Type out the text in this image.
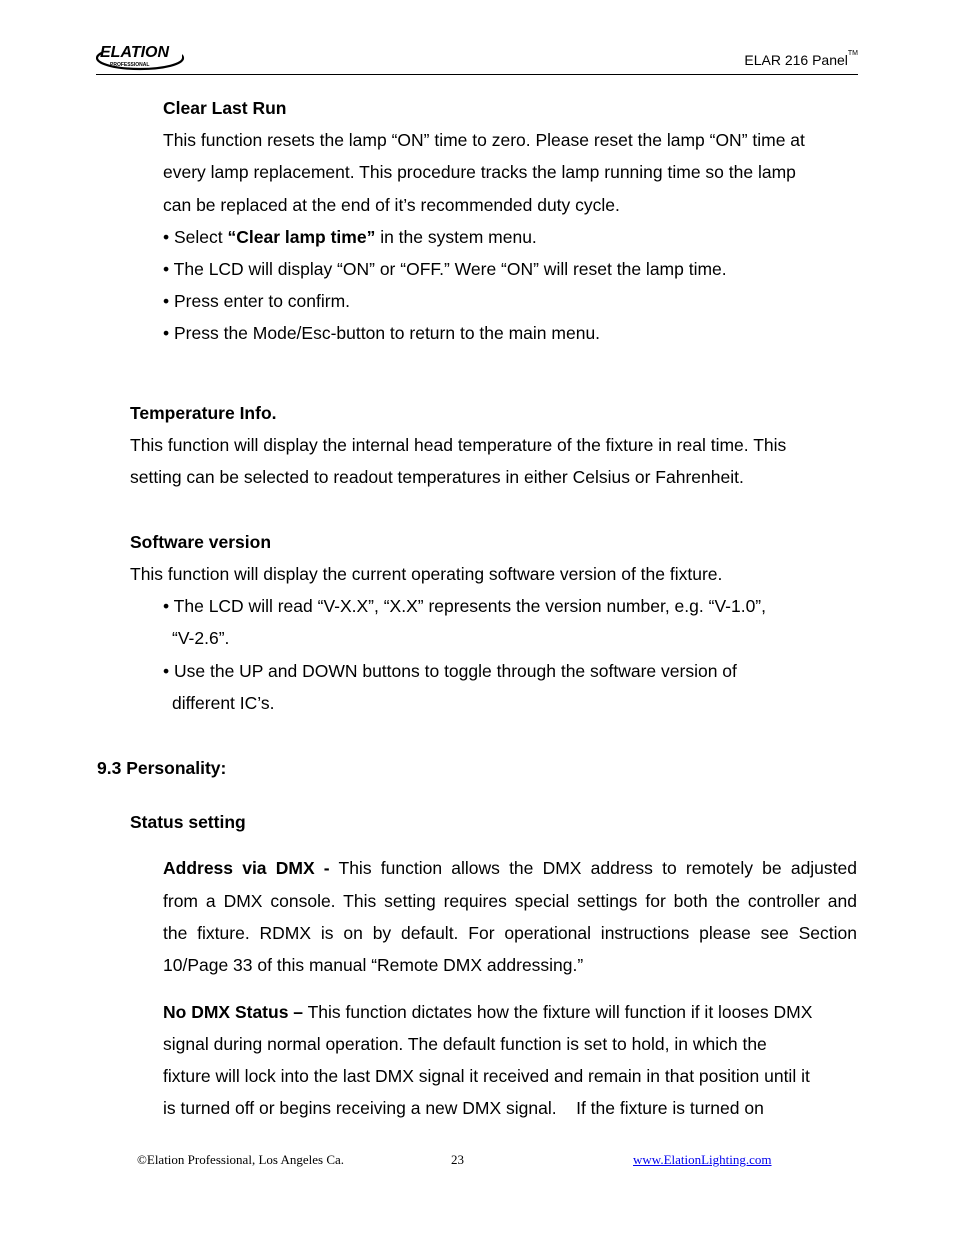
ELATION
PROFESSIONAL	ELAR 216 Panel™
Clear Last Run
This function resets the lamp “ON” time to zero. Please reset the lamp “ON” time at
every lamp replacement. This procedure tracks the lamp running time so the lamp
can be replaced at the end of it’s recommended duty cycle.
• Select “Clear lamp time” in the system menu.
• The LCD will display “ON” or “OFF.” Were “ON” will reset the lamp time.
• Press enter to confirm.
• Press the Mode/Esc-button to return to the main menu.
Temperature Info.
This function will display the internal head temperature of the fixture in real time. This
setting can be selected to readout temperatures in either Celsius or Fahrenheit.
Software version
This function will display the current operating software version of the fixture.
• The LCD will read “V-X.X”, “X.X” represents the version number, e.g. “V-1.0”,
“V-2.6”.
• Use the UP and DOWN buttons to toggle through the software version of
different IC’s.
9.3 Personality:
Status setting
Address via DMX - This function allows the DMX address to remotely be adjusted
from a DMX console. This setting requires special settings for both the controller and
the fixture. RDMX is on by default. For operational instructions please see Section
10/Page 33 of this manual “Remote DMX addressing.”
No DMX Status – This function dictates how the fixture will function if it looses DMX
signal during normal operation. The default function is set to hold, in which the
fixture will lock into the last DMX signal it received and remain in that position until it
is turned off or begins receiving a new DMX signal.    If the fixture is turned on
©Elation Professional, Los Angeles Ca.	23	www.ElationLighting.com
